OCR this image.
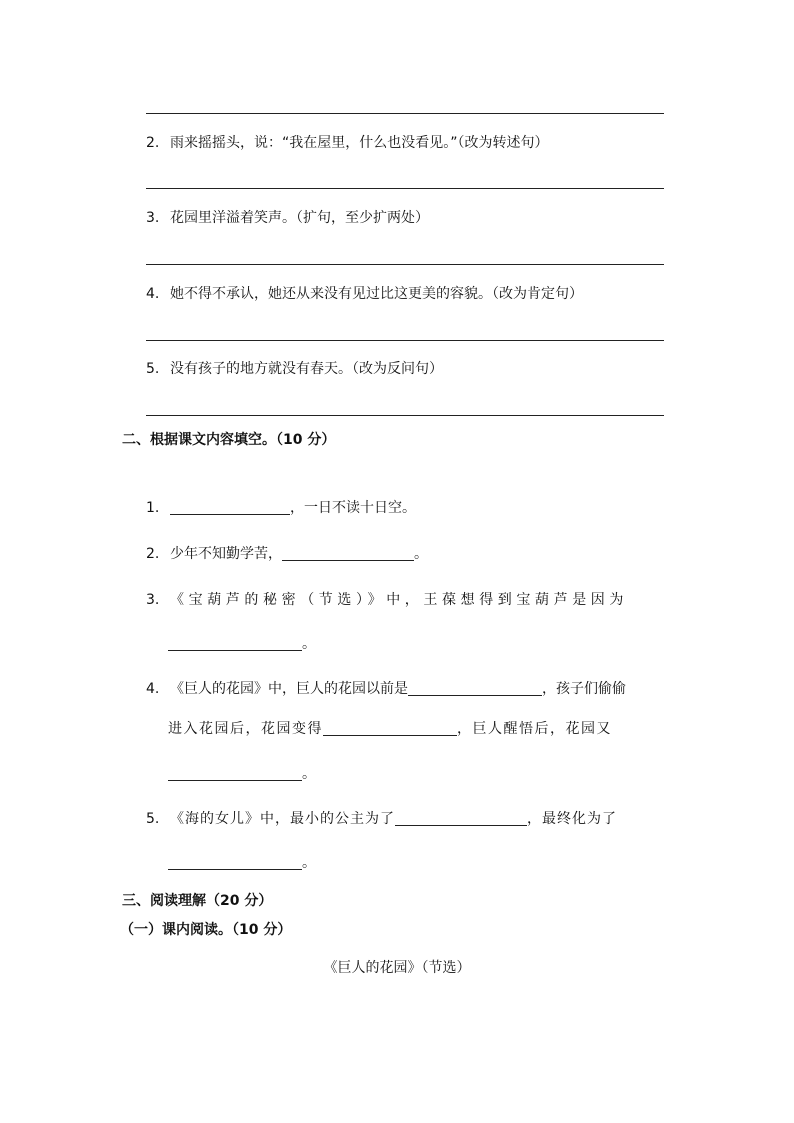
2. 雨来摇摇头，说：“我在屋里，什么也没看见。”（改为转述句）
3. 花园里洋溢着笑声。（扩句，至少扩两处）
4. 她不得不承认，她还从来没有见过比这更美的容貌。（改为肯定句）
5. 没有孩子的地方就没有春天。（改为反问句）
二、根据课文内容填空。（10 分）
1.	，一日不读十日空。
2. 少年不知勤学苦，	。
3. 《宝葫芦的秘密（节选）》中，王葆想得到宝葫芦是因为
。
4. 《巨人的花园》中，巨人的花园以前是	，孩子们偷偷
进入花园后，花园变得	，巨人醒悟后，花园又
。
5. 《海的女儿》中，最小的公主为了	，最终化为了
。
三、阅读理解（20 分）
（一）课内阅读。（10 分）
《巨人的花园》（节选）
